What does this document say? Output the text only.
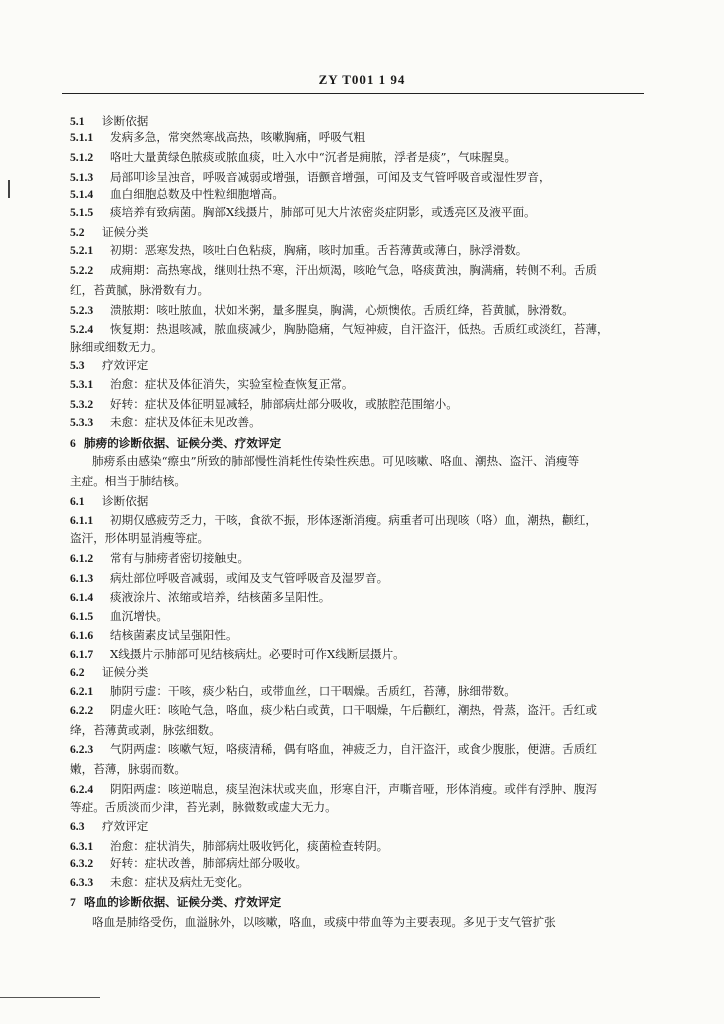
ZY T001 1 94
5.1 诊断依据
5.1.1 发病多急，常突然寒战高热，咳嗽胸痛，呼吸气粗
5.1.2 咯吐大量黄绿色脓痰或脓血痰，吐入水中“沉者是痈脓，浮者是痰”，气味腥臭。
5.1.3 局部叩诊呈浊音，呼吸音减弱或增强，语颤音增强，可闻及支气管呼吸音或湿性罗音，
5.1.4 血白细胞总数及中性粒细胞增高。
5.1.5 痰培养有致病菌。胸部X线摄片，肺部可见大片浓密炎症阴影，或透亮区及液平面。
5.2 证候分类
5.2.1 初期：恶寒发热，咳吐白色粘痰，胸痛，咳时加重。舌苔薄黄或薄白，脉浮滑数。
5.2.2 成痈期：高热寒战，继则壮热不寒，汗出烦渴，咳呛气急，咯痰黄浊，胸满痛，转侧不利。舌质
红，苔黄腻，脉滑数有力。
5.2.3 溃脓期：咳吐脓血，状如米粥，量多腥臭，胸满，心烦懊侬。舌质红绛，苔黄腻，脉滑数。
5.2.4 恢复期：热退咳减，脓血痰减少，胸胁隐痛，气短神疲，自汗盗汗，低热。舌质红或淡红，苔薄，
脉细或细数无力。
5.3 疗效评定
5.3.1 治愈：症状及体征消失，实验室检查恢复正常。
5.3.2 好转：症状及体征明显减轻，肺部病灶部分吸收，或脓腔范围缩小。
5.3.3 未愈：症状及体征未见改善。
6 肺痨的诊断依据、证候分类、疗效评定
肺痨系由感染“瘵虫”所致的肺部慢性消耗性传染性疾患。可见咳嗽、咯血、潮热、盗汗、消瘦等
主症。相当于肺结核。
6.1 诊断依据
6.1.1 初期仅感疲劳乏力，干咳，食欲不振，形体逐渐消瘦。病重者可出现咳（咯）血，潮热，颧红，
盗汗，形体明显消瘦等症。
6.1.2 常有与肺痨者密切接触史。
6.1.3 病灶部位呼吸音减弱，或闻及支气管呼吸音及湿罗音。
6.1.4 痰液涂片、浓缩或培养，结核菌多呈阳性。
6.1.5 血沉增快。
6.1.6 结核菌素皮试呈强阳性。
6.1.7 X线摄片示肺部可见结核病灶。必要时可作X线断层摄片。
6.2 证候分类
6.2.1 肺阴亏虚：干咳，痰少粘白，或带血丝，口干咽燥。舌质红，苔薄，脉细带数。
6.2.2 阴虚火旺：咳呛气急，咯血，痰少粘白或黄，口干咽燥，午后颧红，潮热，骨蒸，盗汗。舌红或
绛，苔薄黄或剥，脉弦细数。
6.2.3 气阴两虚：咳嗽气短，咯痰清稀，偶有咯血，神疲乏力，自汗盗汗，或食少腹胀，便溏。舌质红
嫩，苔薄，脉弱而数。
6.2.4 阴阳两虚：咳逆喘息，痰呈泡沫状或夹血，形寒自汗，声嘶音哑，形体消瘦。或伴有浮肿、腹泻
等症。舌质淡而少津，苔光剥，脉微数或虚大无力。
6.3 疗效评定
6.3.1 治愈：症状消失，肺部病灶吸收钙化，痰菌检查转阴。
6.3.2 好转：症状改善，肺部病灶部分吸收。
6.3.3 未愈：症状及病灶无变化。
7 咯血的诊断依据、证候分类、疗效评定
咯血是肺络受伤，血溢脉外，以咳嗽，咯血，或痰中带血等为主要表现。多见于支气管扩张
